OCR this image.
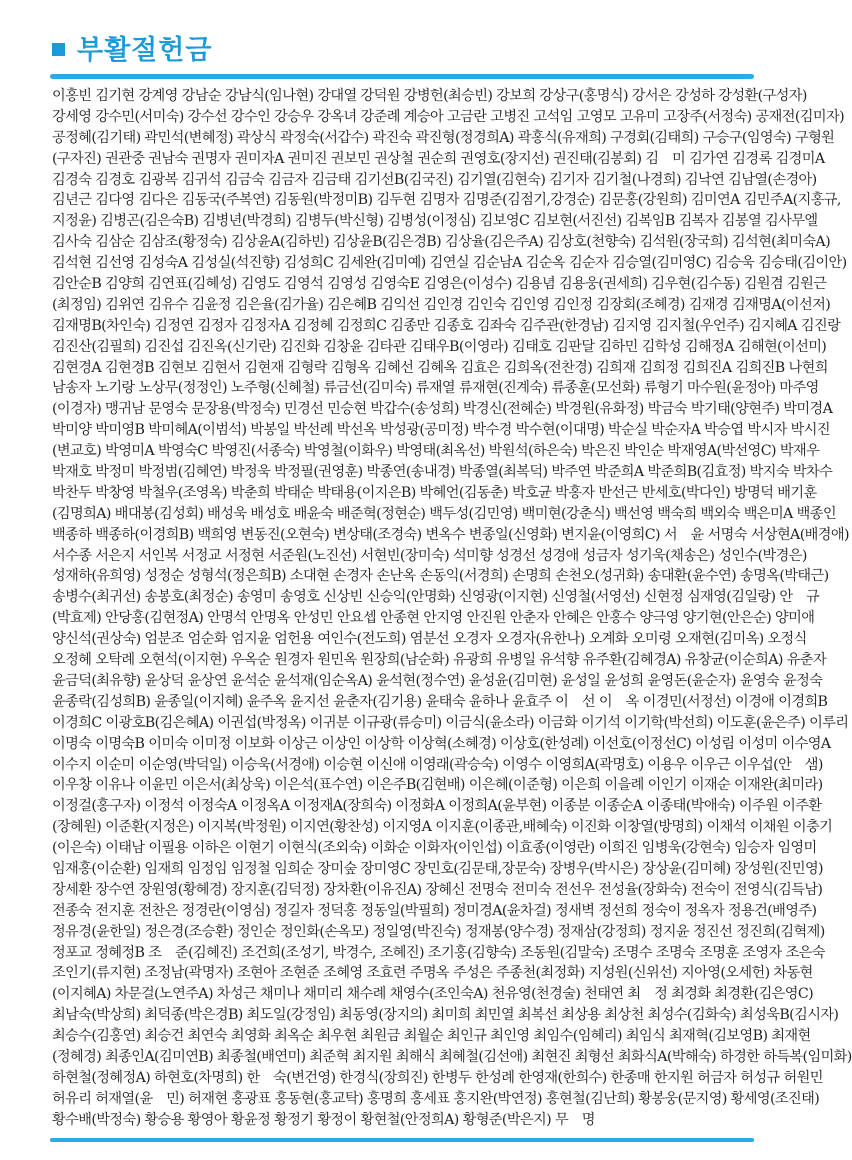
부활절헌금
이홍빈 김기현 강계영 강남순 강남식(임나현) 강대열 강덕원 강병헌(최승빈) 강보희 강상구(홍명식) 강서은 강성하 강성환(구성자)
강세영 강수민(서미숙) 강수선 강수인 강승우 강옥녀 강준례 계승아 고금란 고병진 고석임 고영모 고유미 고장주(서정숙) 공재전(김미자)
공정혜(김기태) 곽민석(변혜정) 곽상식 곽정숙(서갑수) 곽진숙 곽진형(정경희A) 곽홍식(유재희) 구경회(김태희) 구승구(임영숙) 구형원
(구자진) 권관중 권남숙 권명자 권미자A 권미진 권보민 권상철 권순희 권영호(장지선) 권진태(김봉회) 김　미 김가연 김경록 김경미A
김경숙 김경호 김광복 김귀석 김금숙 김금자 김금태 김기선B(김국진) 김기열(김현숙) 김기자 김기철(나경희) 김낙연 김남열(손경아)
김년근 김다영 김다은 김동국(주복연) 김동원(박정미B) 김두현 김명자 김명준(김점기,강경순) 김문홍(강원희) 김미연A 김민주A(지홍규,
지정윤) 김병곤(김은숙B) 김병년(박경희) 김병두(박신형) 김병성(이정심) 김보영C 김보현(서진선) 김복임B 김복자 김봉열 김사무엘
김사숙 김삼순 김삼조(황정숙) 김상윤A(김하빈) 김상윤B(김은경B) 김상율(김은주A) 김상호(천향숙) 김석원(장국희) 김석현(최미숙A)
김석현 김선영 김성숙A 김성실(석진향) 김성희C 김세완(김미예) 김연실 김순남A 김순옥 김순자 김승열(김미영C) 김승욱 김승태(김이안)
김안순B 김양희 김연표(김혜성) 김영도 김영석 김영성 김영숙E 김영은(이성수) 김용념 김용웅(권세희) 김우현(김수동) 김원겸 김원근
(최정임) 김위연 김유수 김윤정 김은율(김가율) 김은혜B 김익선 김인경 김인숙 김인영 김인정 김장회(조혜경) 김재경 김재명A(이선저)
김재명B(차인숙) 김정연 김정자 김정자A 김정혜 김정희C 김종만 김종호 김좌숙 김주관(한경남) 김지영 김지철(우언주) 김지혜A 김진랑
김진산(김필희) 김진섭 김진옥(신기란) 김진화 김창윤 김타관 김태우B(이영라) 김태호 김판달 김하민 김학성 김해정A 김해현(이선미)
김현경A 김현경B 김현보 김현서 김현재 김형락 김형옥 김혜선 김혜옥 김효은 김희옥(전찬경) 김희재 김희정 김희진A 김희진B 나현희
남송자 노기랑 노상무(정정인) 노주형(신혜철) 류금선(김미숙) 류재열 류재현(진계숙) 류종훈(모선화) 류형기 마수원(윤정아) 마주영
(이경자) 맹귀남 문영숙 문장용(박정숙) 민경선 민승현 박갑수(송성희) 박경신(전혜순) 박경원(유화정) 박금숙 박기태(양현주) 박미경A
박미양 박미영B 박미혜A(이범석) 박봉일 박선례 박선옥 박성광(공미정) 박수경 박수현(이대명) 박순실 박순자A 박승엽 박시자 박시진
(변교호) 박영미A 박영숙C 박영진(서종숙) 박영철(이화우) 박영태(최옥선) 박원석(하은숙) 박은진 박인순 박재영A(박선영C) 박재우
박재호 박정미 박정범(김혜연) 박정욱 박정필(권영훈) 박종연(송내경) 박종열(최복덕) 박주연 박준희A 박준희B(김효정) 박지숙 박차수
박찬두 박창영 박철우(조영옥) 박춘희 박태순 박태용(이지은B) 박혜언(김동춘) 박호균 박홍자 반선근 반세호(박다인) 방명덕 배기훈
(김명희A) 배대봉(김성회) 배성욱 배성호 배윤숙 배준혁(정현순) 백두성(김민영) 백미현(강춘식) 백선영 백숙희 백외숙 백은미A 백종인
백종하 백종하(이경희B) 백희영 변동진(오현숙) 변상태(조경숙) 변옥수 변종일(신영화) 변지윤(이영희C) 서　윤 서명숙 서상현A(배경애)
서수종 서은지 서인복 서정교 서정현 서준원(노진선) 서현빈(장미숙) 석미향 성경선 성경애 성금자 성기욱(채송은) 성인수(박경은)
성재하(유희영) 성정순 성형석(정은희B) 소대현 손경자 손난옥 손동익(서경희) 손명희 손천오(성귀화) 송대환(윤수연) 송명옥(박태근)
송병수(최귀선) 송봉호(최정순) 송영미 송영호 신상빈 신승익(안명화) 신영광(이지현) 신영철(서영선) 신현정 심재영(김일랑) 안　규
(박효제) 안당홍(김현정A) 안명석 안명옥 안성민 안요셉 안종현 안지영 안진원 안춘자 안혜은 안홍수 양극영 양기현(안은순) 양미애
양신석(권상숙) 엄분조 엄순화 엄지윤 엄헌용 여인수(전도희) 염분선 오경자 오경자(유한나) 오계화 오미령 오재현(김미옥) 오정식
오정혜 오탁례 오현석(이지현) 우옥순 원경자 원민옥 원장희(남순화) 유광희 유병일 유석향 유주환(김혜경A) 유창균(이순희A) 유춘자
윤금덕(최유향) 윤상덕 윤상연 윤석순 윤석재(임순옥A) 윤석현(정수연) 윤성윤(김미현) 윤성일 윤성희 윤영돈(윤순자) 윤영숙 윤정숙
윤종락(김성희B) 윤종일(이지혜) 윤주옥 윤지선 윤춘자(김기용) 윤태숙 윤하나 윤효주 이　선 이　옥 이경민(서정선) 이경애 이경희B
이경희C 이광호B(김은혜A) 이권섭(박정옥) 이귀분 이규광(류승미) 이금식(윤소라) 이금화 이기석 이기학(박선희) 이도훈(윤은주) 이루리
이명숙 이명숙B 이미숙 이미정 이보화 이상근 이상인 이상학 이상혁(소혜경) 이상호(한성례) 이선호(이정선C) 이성림 이성미 이수영A
이수지 이순미 이순영(박덕일) 이승욱(서경애) 이승현 이신애 이영래(곽승숙) 이영수 이영희A(곽명호) 이용우 이우근 이우섭(안　샘)
이우창 이유나 이윤민 이은서(최상욱) 이은석(표수연) 이은주B(김현배) 이은혜(이준형) 이은희 이을례 이인기 이재순 이재완(최미라)
이정걸(홍구자) 이정석 이정숙A 이정옥A 이정재A(장희숙) 이정화A 이정희A(윤부현) 이종분 이종순A 이종태(박애숙) 이주원 이주환
(장혜원) 이준환(지정은) 이지복(박정원) 이지연(황찬성) 이지영A 이지훈(이종관,배혜숙) 이진화 이창열(방명희) 이채석 이채원 이충기
(이은숙) 이태남 이필용 이하은 이현기 이현식(조외숙) 이화순 이화자(이인섭) 이효종(이영란) 이희진 임병욱(강현숙) 임승자 임영미
임재홍(이순환) 임재희 임정임 임정철 임희순 장미숲 장미영C 장민호(김문태,장문숙) 장병우(박시은) 장상윤(김미혜) 장성원(진민영)
장세환 장수연 장원영(황혜경) 장지훈(김덕정) 장차환(이유진A) 장혜신 전명숙 전미숙 전선우 전성율(장화숙) 전숙이 전영식(김득남)
전종숙 전지훈 전찬은 정경란(이영심) 정길자 정덕홍 정동일(박필희) 정미경A(윤차걸) 정새벽 정선희 정숙이 정옥자 정용건(배영주)
정유경(윤한일) 정은경(조승환) 정인순 정인화(손옥모) 정일영(박진숙) 정재봉(양수경) 정재삼(강정희) 정지윤 정진선 정진희(김혁제)
정포교 정혜정B 조　준(김혜진) 조건희(조성기, 박경수, 조혜진) 조기홍(김향숙) 조동원(김말숙) 조명수 조명숙 조명훈 조영자 조은숙
조인기(류지현) 조정남(곽명자) 조현아 조현준 조혜영 조효련 주명옥 주성은 주종천(최정화) 지성원(신위선) 지아영(오세헌) 차동현
(이지혜A) 차문걸(노연주A) 차성근 채미나 채미리 채수례 채영수(조인숙A) 천유영(천경술) 천태연 최　정 최경화 최경환(김은영C)
최남숙(박상희) 최덕종(박은경B) 최도일(강정임) 최동영(장지의) 최미희 최민열 최복선 최상용 최상천 최성수(김화숙) 최성욱B(김시자)
최승수(김홍연) 최승건 최연숙 최영화 최옥순 최우현 최원금 최월순 최인규 최인영 최임수(임혜리) 최임식 최재혁(김보영B) 최재현
(정혜경) 최종인A(김미연B) 최종철(배연미) 최준혁 최지원 최해식 최혜철(김선애) 최현진 최형선 최화식A(박해숙) 하경한 하득복(임미화)
하현철(정혜정A) 하현호(차명희) 한　숙(변건영) 한경식(장희진) 한병두 한성례 한영재(한희수) 한종매 한지원 허금자 허성규 허원민
허유리 허재열(윤　민) 허재현 홍광표 홍동현(홍교탁) 홍명희 홍세표 홍지완(박연정) 홍현철(김난희) 황봉웅(문지영) 황세영(조진태)
황수배(박정숙) 황승용 황영아 황윤정 황정기 황정이 황현철(안정희A) 황형준(박은지) 무　명
